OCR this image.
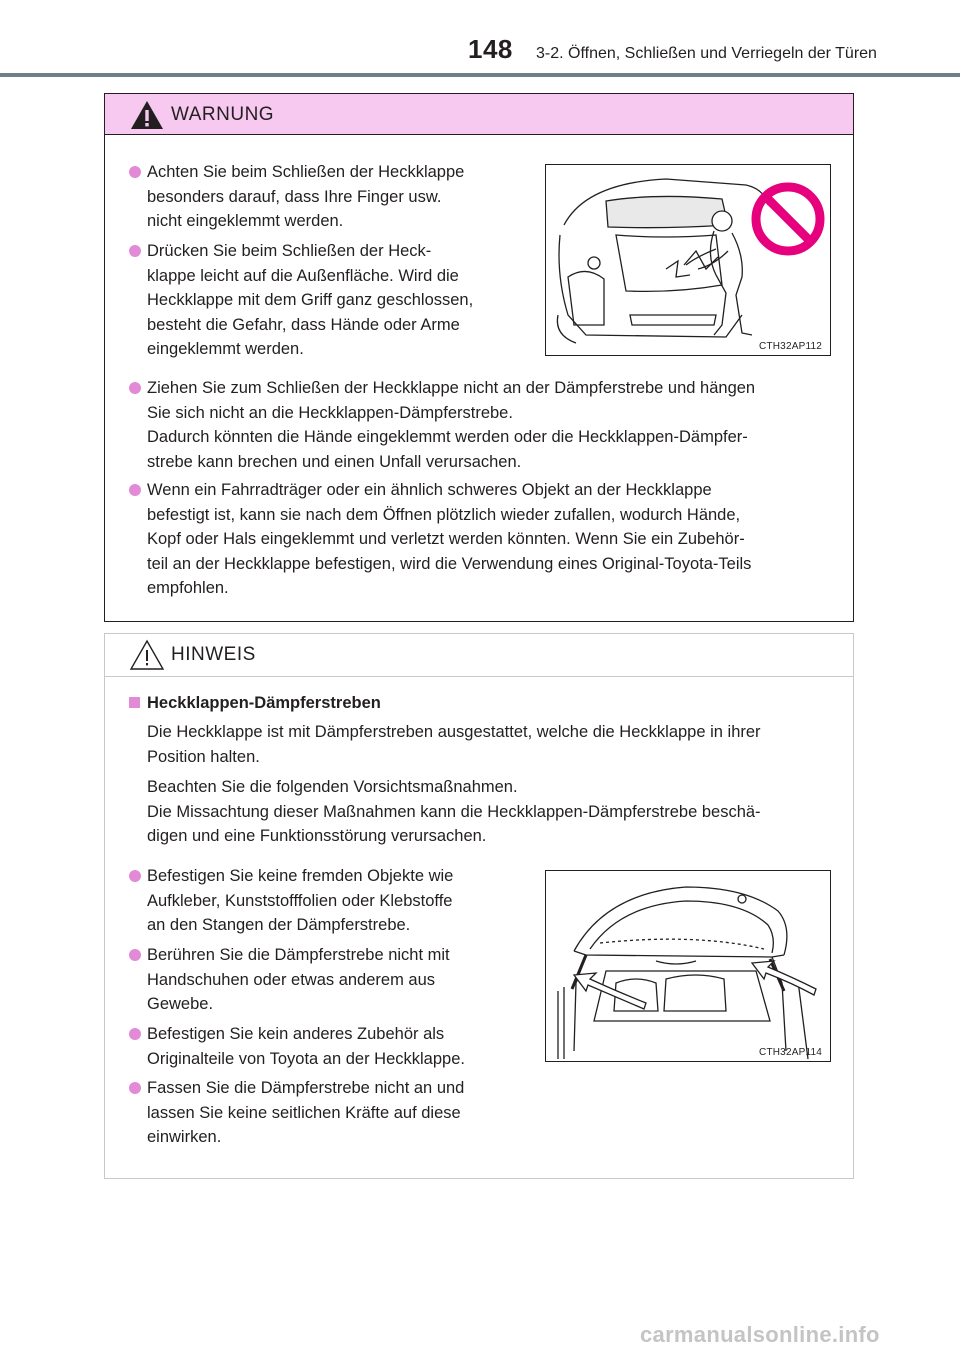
148 3-2. Öffnen, Schließen und Verriegeln der Türen
WARNUNG
Achten Sie beim Schließen der Heckklappe
besonders darauf, dass Ihre Finger usw.
nicht eingeklemmt werden.
Drücken Sie beim Schließen der Heck-
klappe leicht auf die Außenfläche. Wird die
Heckklappe mit dem Griff ganz geschlossen,
besteht die Gefahr, dass Hände oder Arme
eingeklemmt werden.	CTH32AP112
Ziehen Sie zum Schließen der Heckklappe nicht an der Dämpferstrebe und hängen
Sie sich nicht an die Heckklappen-Dämpferstrebe.
Dadurch könnten die Hände eingeklemmt werden oder die Heckklappen-Dämpfer-
strebe kann brechen und einen Unfall verursachen.
Wenn ein Fahrradträger oder ein ähnlich schweres Objekt an der Heckklappe
befestigt ist, kann sie nach dem Öffnen plötzlich wieder zufallen, wodurch Hände,
Kopf oder Hals eingeklemmt und verletzt werden könnten. Wenn Sie ein Zubehör-
teil an der Heckklappe befestigen, wird die Verwendung eines Original-Toyota-Teils
empfohlen.
HINWEIS
Heckklappen-Dämpferstreben
Die Heckklappe ist mit Dämpferstreben ausgestattet, welche die Heckklappe in ihrer
Position halten.
Beachten Sie die folgenden Vorsichtsmaßnahmen.
Die Missachtung dieser Maßnahmen kann die Heckklappen-Dämpferstrebe beschä-
digen und eine Funktionsstörung verursachen.
Befestigen Sie keine fremden Objekte wie
Aufkleber, Kunststofffolien oder Klebstoffe
an den Stangen der Dämpferstrebe.
Berühren Sie die Dämpferstrebe nicht mit
Handschuhen oder etwas anderem aus
Gewebe.
Befestigen Sie kein anderes Zubehör als
Originalteile von Toyota an der Heckklappe.
Fassen Sie die Dämpferstrebe nicht an und
lassen Sie keine seitlichen Kräfte auf diese
einwirken.
CTH32AP114
carmanualsonline.info
